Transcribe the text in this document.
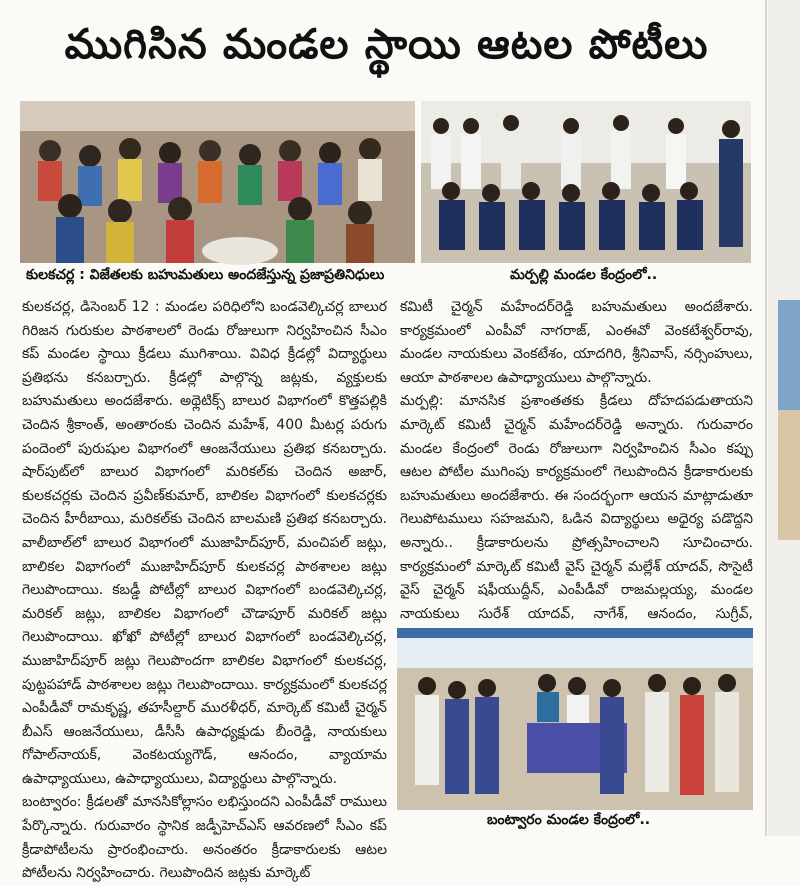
ముగిసిన మండల స్థాయి ఆటల పోటీలు
కులకచర్ల : విజేతలకు బహుమతులు అందజేస్తున్న ప్రజాప్రతినిధులు	మర్పల్లి మండల కేంద్రంలో..

కులకచర్ల, డిసెంబర్ 12 : మండల పరిధిలోని బండవెల్కిచర్ల బాలుర గిరిజన గురుకుల పాఠశాలలో రెండు రోజులుగా నిర్వహించిన సీఎం కప్ మండల స్థాయి క్రీడలు ముగిశాయి. వివిధ క్రీడల్లో విద్యార్థులు ప్రతిభను కనబర్చారు. క్రీడల్లో పాల్గొన్న జట్లకు, వ్యక్తులకు బహుమతులు అందజేశారు. అథ్లెటిక్స్ బాలుర విభాగంలో కొత్తపల్లికి చెందిన శ్రీకాంత్, అంతారంకు చెందిన మహేశ్, 400 మీటర్ల పరుగు పందెంలో పురుషుల విభాగంలో ఆంజనేయులు ప్రతిభ కనబర్చారు. షార్‌పుట్‌లో బాలుర విభాగంలో మరికల్‌కు చెందిన అజార్, కులకచర్లకు చెందిన ప్రవీణ్‌కుమార్, బాలికల విభాగంలో కులకచర్లకు చెందిన హీరీబాయి, మరికల్‌కు చెందిన బాలమణి ప్రతిభ కనబర్చారు. వాలీబాల్‌లో బాలుర విభాగంలో ముజాహిద్‌పూర్, మంచిపల్ జట్లు, బాలికల విభాగంలో ముజాహిద్‌పూర్ కులకచర్ల పాఠశాలల జట్లు గెలుపొందాయి. కబడ్డీ పోటీల్లో బాలుర విభాగంలో బండవెల్కిచర్ల, మరికల్ జట్లు, బాలికల విభాగంలో చౌడాపూర్ మరికల్ జట్లు గెలుపొందాయి. ఖోఖో పోటీల్లో బాలుర విభాగంలో బండవెల్కిచర్ల, ముజాహిద్‌పూర్ జట్లు గెలుపొందగా బాలికల విభాగంలో కులకచర్ల, పుట్టపహాడ్ పాఠశాలల జట్లు గెలుపొందాయి. కార్యక్రమంలో కులకచర్ల ఎంపీడీవో రామకృష్ణ, తహసీల్దార్ మురళీధర్, మార్కెట్ కమిటీ చైర్మన్ బీఎస్ ఆంజనేయులు, డీసీసీ ఉపాధ్యక్షుడు బీంరెడ్డి, నాయకులు గోపాల్‌నాయక్, వెంకటయ్యగౌడ్, ఆనందం, వ్యాయామ ఉపాధ్యాయులు, ఉపాధ్యాయులు, విద్యార్థులు పాల్గొన్నారు.

బంట్వారం: క్రీడలతో మానసికోల్లాసం లభిస్తుందని ఎంపీడీవో రాములు పేర్కొన్నారు. గురువారం స్థానిక జడ్పీహెచ్‌ఎస్ ఆవరణలో సీఎం కప్ క్రీడాపోటీలను ప్రారంభించారు. అనంతరం క్రీడాకారులకు ఆటల పోటీలను నిర్వహించారు. గెలుపొందిన జట్లకు మార్కెట్

కమిటీ చైర్మన్ మహేందర్‌రెడ్డి బహుమతులు అందజేశారు. కార్యక్రమంలో ఎంపీవో నాగరాజ్, ఎంఈవో వెంకటేశ్వర్‌రావు, మండల నాయకులు వెంకటేశం, యాదగిరి, శ్రీనివాస్, నర్సింహులు, ఆయా పాఠశాలల ఉపాధ్యాయులు పాల్గొన్నారు.

మర్పల్లి: మానసిక ప్రశాంతతకు క్రీడలు దోహదపడుతాయని మార్కెట్ కమిటీ చైర్మన్ మహేందర్‌రెడ్డి అన్నారు. గురువారం మండల కేంద్రంలో రెండు రోజులుగా నిర్వహించిన సీఎం కప్పు ఆటల పోటీల ముగింపు కార్యక్రమంలో గెలుపొందిన క్రీడాకారులకు బహుమతులు అందజేశారు. ఈ సందర్భంగా ఆయన మాట్లాడుతూ గెలుపోటములు సహజమని, ఓడిన విద్యార్థులు అధైర్య పడొద్దని అన్నారు.. క్రీడాకారులను ప్రోత్సహించాలని సూచించారు. కార్యక్రమంలో మార్కెట్ కమిటీ వైస్ చైర్మన్ మల్లేశ్ యాదవ్, సొసైటీ వైస్ చైర్మన్ షఫీయుద్దీన్, ఎంపీడీవో రాజమల్లయ్య, మండల నాయకులు సురేశ్ యాదవ్, నాగేశ్, ఆనందం, సుగ్రీవ్,

బంట్వారం మండల కేంద్రంలో..
